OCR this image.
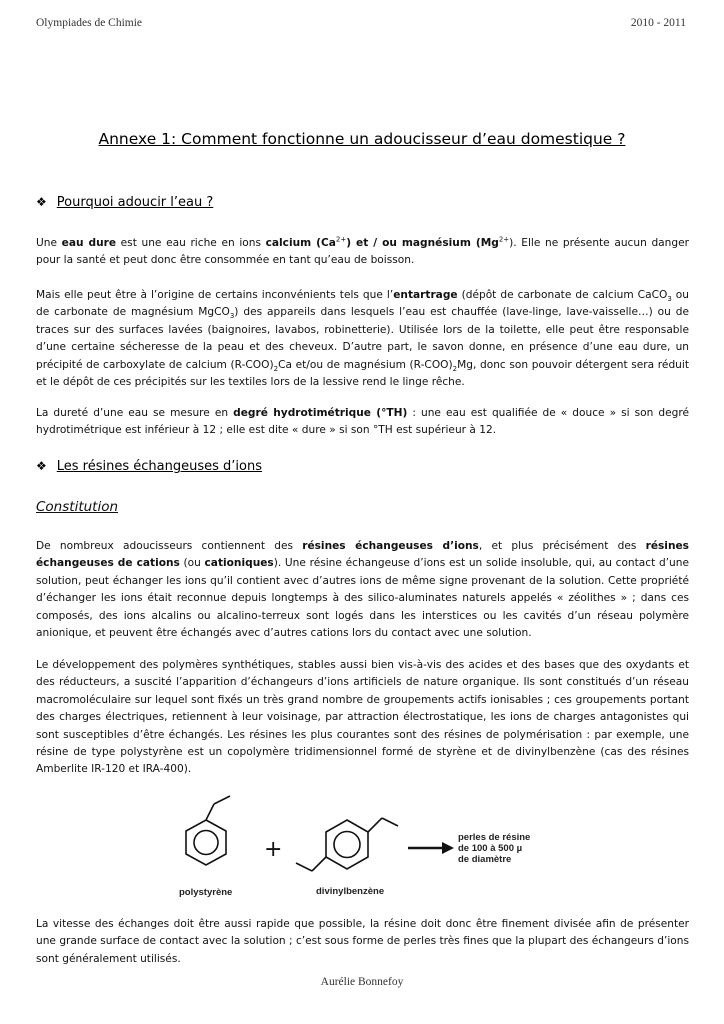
Olympiades de Chimie	2010 - 2011
Annexe 1: Comment fonctionne un adoucisseur d’eau domestique ?
❖ Pourquoi adoucir l’eau ?
Une eau dure est une eau riche en ions calcium $(Ca^{2+})$ et / ou magnésium $(Mg^{2+})$. Elle ne présente aucun danger pour la santé et peut donc être consommée en tant qu’eau de boisson.
Mais elle peut être à l’origine de certains inconvénients tels que l’entartrage (dépôt de carbonate de calcium CaCO$_3$ ou de carbonate de magnésium MgCO$_3$) des appareils dans lesquels l’eau est chauffée (lave-linge, lave-vaisselle…) ou de traces sur des surfaces lavées (baignoires, lavabos, robinetterie). Utilisée lors de la toilette, elle peut être responsable d’une certaine sécheresse de la peau et des cheveux. D’autre part, le savon donne, en présence d’une eau dure, un précipité de carboxylate de calcium $(R-COO)_2Ca$ et/ou de magnésium $(R-COO)_2Mg$, donc son pouvoir détergent sera réduit et le dépôt de ces précipités sur les textiles lors de la lessive rend le linge rêche.
La dureté d’une eau se mesure en degré hydrotimétrique (°TH) : une eau est qualifiée de « douce » si son degré hydrotimétrique est inférieur à 12 ; elle est dite « dure » si son °TH est supérieur à 12.
❖ Les résines échangeuses d’ions
Constitution
De nombreux adoucisseurs contiennent des résines échangeuses d’ions, et plus précisément des résines échangeuses de cations (ou cationiques). Une résine échangeuse d’ions est un solide insoluble, qui, au contact d’une solution, peut échanger les ions qu’il contient avec d’autres ions de même signe provenant de la solution. Cette propriété d’échanger les ions était reconnue depuis longtemps à des silico-aluminates naturels appelés « zéolithes » ; dans ces composés, des ions alcalins ou alcalino-terreux sont logés dans les interstices ou les cavités d’un réseau polymère anionique, et peuvent être échangés avec d’autres cations lors du contact avec une solution.
Le développement des polymères synthétiques, stables aussi bien vis-à-vis des acides et des bases que des oxydants et des réducteurs, a suscité l’apparition d’échangeurs d’ions artificiels de nature organique. Ils sont constitués d’un réseau macromoléculaire sur lequel sont fixés un très grand nombre de groupements actifs ionisables ; ces groupements portant des charges électriques, retiennent à leur voisinage, par attraction électrostatique, les ions de charges antagonistes qui sont susceptibles d’être échangés. Les résines les plus courantes sont des résines de polymérisation : par exemple, une résine de type polystyrène est un copolymère tridimensionnel formé de styrène et de divinylbenzène (cas des résines Amberlite IR-120 et IRA-400).
polystyrène
+
divinylbenzène
perles de résine
de 100 à 500 µ
de diamètre
La vitesse des échanges doit être aussi rapide que possible, la résine doit donc être finement divisée afin de présenter une grande surface de contact avec la solution ; c’est sous forme de perles très fines que la plupart des échangeurs d’ions sont généralement utilisés.
Aurélie Bonnefoy
